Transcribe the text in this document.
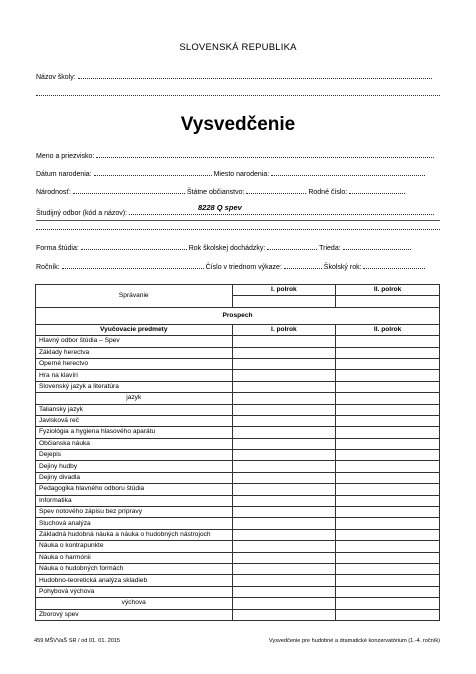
SLOVENSKÁ REPUBLIKA
Názov školy:
Vysvedčenie
Meno a priezvisko:
Dátum narodenia:	Miesto narodenia:
Národnosť:	Štátne občianstvo:	Rodné číslo:
8228 Q spev
Študijný odbor (kód a názov):
Forma štúdia:	Rok školskej dochádzky:	Trieda:
Ročník:	Číslo v triednom výkaze:	Školský rok:
Správanie	I. polrok	II. polrok

Prospech		
Vyučovacie predmety	I. polrok	II. polrok
Hlavný odbor štúdia – Spev		
Základy herectva		
Operné herectvo		
Hra na klavíri		
Slovenský jazyk a literatúra		
jazyk		
Taliansky jazyk		
Javisková reč		
Fyziológia a hygiena hlasového aparátu		
Občianska náuka		
Dejepis		
Dejiny hudby		
Dejiny divadla		
Pedagogika hlavného odboru štúdia		
Informatika		
Spev notového zápisu bez prípravy		
Sluchová analýza		
Základná hudobná náuka a náuka o hudobných nástrojoch		
Náuka o kontrapunkte		
Náuka o harmónii		
Náuka o hudobných formách		
Hudobno-teoretická analýza skladieb		
Pohybová výchova		
výchova		
Zborový spev		
459 MŠVVaŠ SR / od 01. 01. 2015	Vysvedčenie pre hudobné a dramatické konzervatórium (1.-4. ročník)
